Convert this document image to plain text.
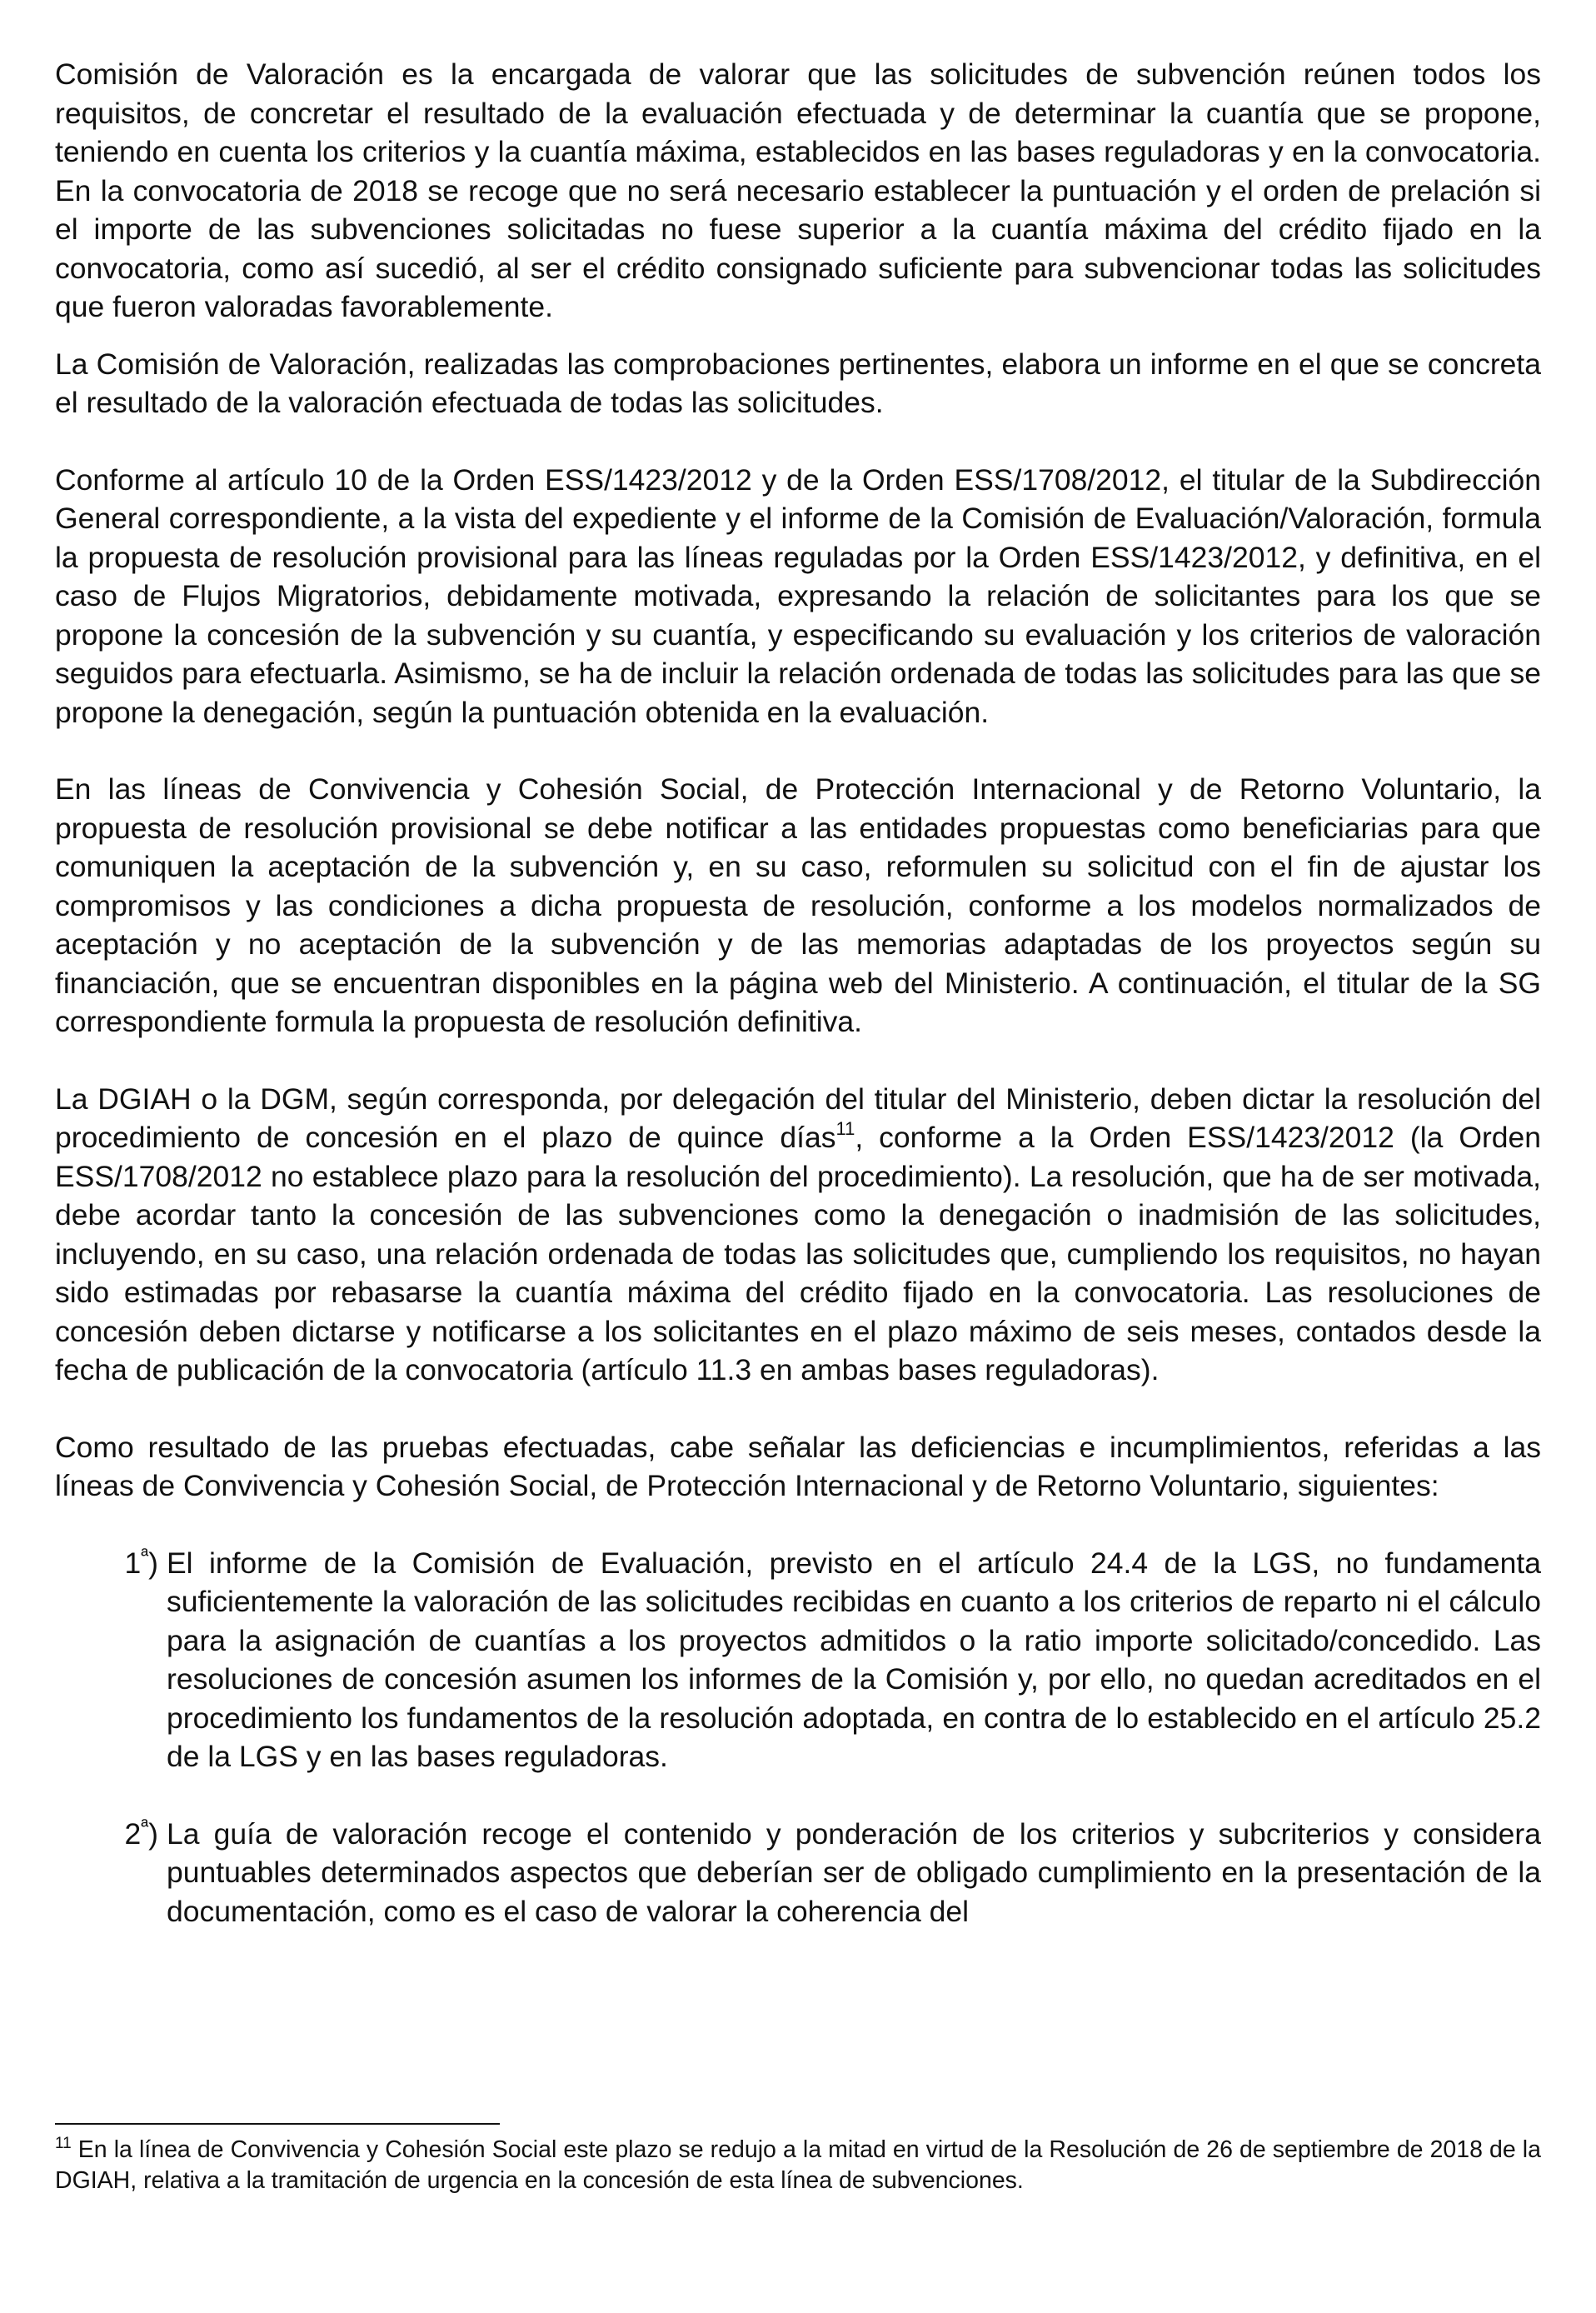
Comisión de Valoración es la encargada de valorar que las solicitudes de subvención reúnen todos los requisitos, de concretar el resultado de la evaluación efectuada y de determinar la cuantía que se propone, teniendo en cuenta los criterios y la cuantía máxima, establecidos en las bases reguladoras y en la convocatoria. En la convocatoria de 2018 se recoge que no será necesario establecer la puntuación y el orden de prelación si el importe de las subvenciones solicitadas no fuese superior a la cuantía máxima del crédito fijado en la convocatoria, como así sucedió, al ser el crédito consignado suficiente para subvencionar todas las solicitudes que fueron valoradas favorablemente.

La Comisión de Valoración, realizadas las comprobaciones pertinentes, elabora un informe en el que se concreta el resultado de la valoración efectuada de todas las solicitudes.

Conforme al artículo 10 de la Orden ESS/1423/2012 y de la Orden ESS/1708/2012, el titular de la Subdirección General correspondiente, a la vista del expediente y el informe de la Comisión de Evaluación/Valoración, formula la propuesta de resolución provisional para las líneas reguladas por la Orden ESS/1423/2012, y definitiva, en el caso de Flujos Migratorios, debidamente motivada, expresando la relación de solicitantes para los que se propone la concesión de la subvención y su cuantía, y especificando su evaluación y los criterios de valoración seguidos para efectuarla. Asimismo, se ha de incluir la relación ordenada de todas las solicitudes para las que se propone la denegación, según la puntuación obtenida en la evaluación.

En las líneas de Convivencia y Cohesión Social, de Protección Internacional y de Retorno Voluntario, la propuesta de resolución provisional se debe notificar a las entidades propuestas como beneficiarias para que comuniquen la aceptación de la subvención y, en su caso, reformulen su solicitud con el fin de ajustar los compromisos y las condiciones a dicha propuesta de resolución, conforme a los modelos normalizados de aceptación y no aceptación de la subvención y de las memorias adaptadas de los proyectos según su financiación, que se encuentran disponibles en la página web del Ministerio. A continuación, el titular de la SG correspondiente formula la propuesta de resolución definitiva.

La DGIAH o la DGM, según corresponda, por delegación del titular del Ministerio, deben dictar la resolución del procedimiento de concesión en el plazo de quince días$^{11}$, conforme a la Orden ESS/1423/2012 (la Orden ESS/1708/2012 no establece plazo para la resolución del procedimiento). La resolución, que ha de ser motivada, debe acordar tanto la concesión de las subvenciones como la denegación o inadmisión de las solicitudes, incluyendo, en su caso, una relación ordenada de todas las solicitudes que, cumpliendo los requisitos, no hayan sido estimadas por rebasarse la cuantía máxima del crédito fijado en la convocatoria. Las resoluciones de concesión deben dictarse y notificarse a los solicitantes en el plazo máximo de seis meses, contados desde la fecha de publicación de la convocatoria (artículo 11.3 en ambas bases reguladoras).

Como resultado de las pruebas efectuadas, cabe señalar las deficiencias e incumplimientos, referidas a las líneas de Convivencia y Cohesión Social, de Protección Internacional y de Retorno Voluntario, siguientes:

$1^ª$) El informe de la Comisión de Evaluación, previsto en el artículo 24.4 de la LGS, no fundamenta suficientemente la valoración de las solicitudes recibidas en cuanto a los criterios de reparto ni el cálculo para la asignación de cuantías a los proyectos admitidos o la ratio importe solicitado/concedido. Las resoluciones de concesión asumen los informes de la Comisión y, por ello, no quedan acreditados en el procedimiento los fundamentos de la resolución adoptada, en contra de lo establecido en el artículo 25.2 de la LGS y en las bases reguladoras.

$2^ª$) La guía de valoración recoge el contenido y ponderación de los criterios y subcriterios y considera puntuables determinados aspectos que deberían ser de obligado cumplimiento en la presentación de la documentación, como es el caso de valorar la coherencia del

$^{11}$ En la línea de Convivencia y Cohesión Social este plazo se redujo a la mitad en virtud de la Resolución de 26 de septiembre de 2018 de la DGIAH, relativa a la tramitación de urgencia en la concesión de esta línea de subvenciones.
